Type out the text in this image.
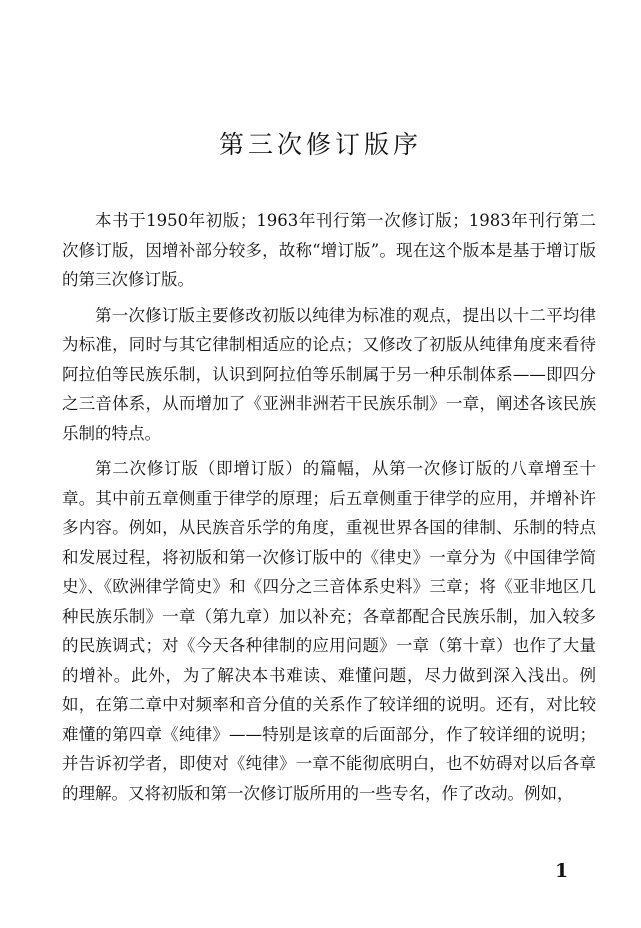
第三次修订版序

本书于1950年初版；1963年刊行第一次修订版；1983年刊行第二次修订版，因增补部分较多，故称“增订版”。现在这个版本是基于增订版的第三次修订版。

第一次修订版主要修改初版以纯律为标准的观点，提出以十二平均律为标准，同时与其它律制相适应的论点；又修改了初版从纯律角度来看待阿拉伯等民族乐制，认识到阿拉伯等乐制属于另一种乐制体系——即四分之三音体系，从而增加了《亚洲非洲若干民族乐制》一章，阐述各该民族乐制的特点。

第二次修订版（即增订版）的篇幅，从第一次修订版的八章增至十章。其中前五章侧重于律学的原理；后五章侧重于律学的应用，并增补许多内容。例如，从民族音乐学的角度，重视世界各国的律制、乐制的特点和发展过程，将初版和第一次修订版中的《律史》一章分为《中国律学简史》、《欧洲律学简史》和《四分之三音体系史料》三章；将《亚非地区几种民族乐制》一章（第九章）加以补充；各章都配合民族乐制，加入较多的民族调式；对《今天各种律制的应用问题》一章（第十章）也作了大量的增补。此外，为了解决本书难读、难懂问题，尽力做到深入浅出。例如，在第二章中对频率和音分值的关系作了较详细的说明。还有，对比较难懂的第四章《纯律》——特别是该章的后面部分，作了较详细的说明；并告诉初学者，即使对《纯律》一章不能彻底明白，也不妨碍对以后各章的理解。又将初版和第一次修订版所用的一些专名，作了改动。例如，

1
